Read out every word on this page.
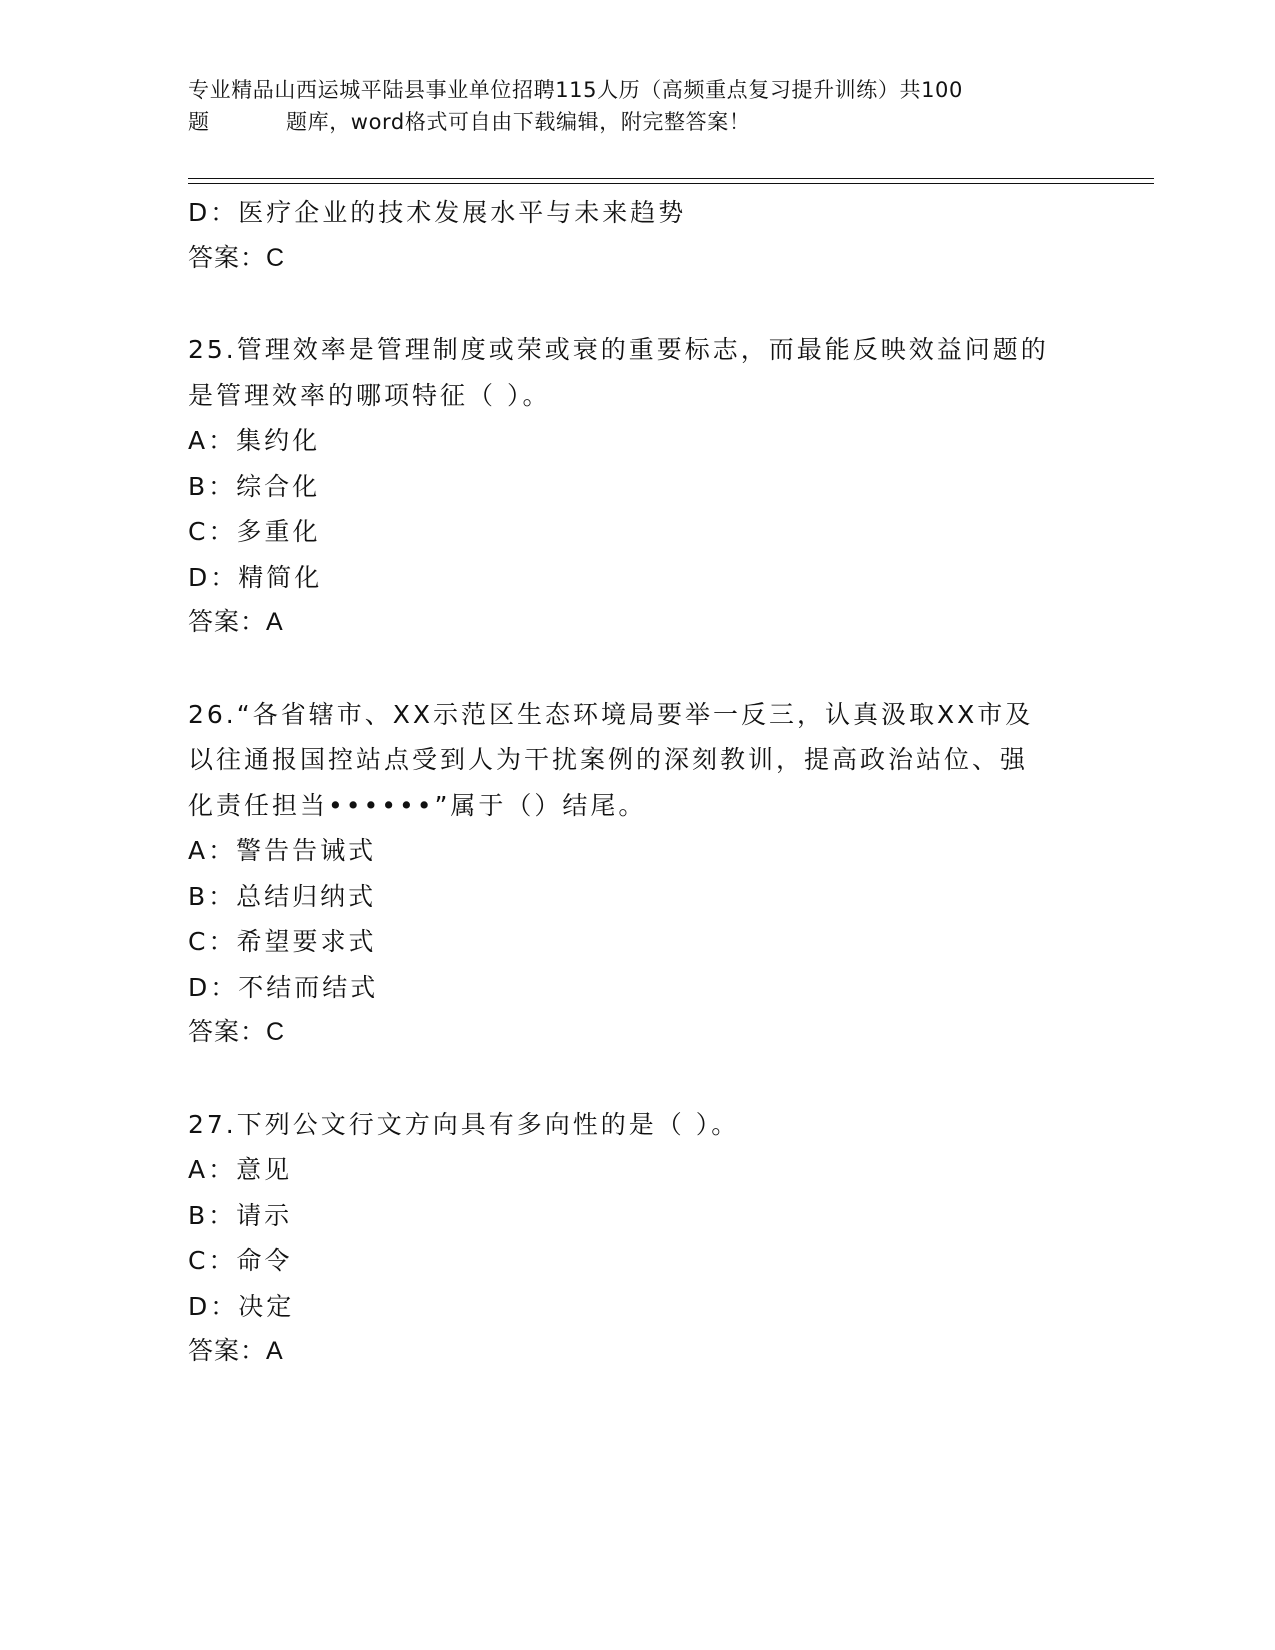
专业精品山西运城平陆县事业单位招聘115人历（高频重点复习提升训练）共100
题	题库，word格式可自由下载编辑，附完整答案！
D：医疗企业的技术发展水平与未来趋势
答案：C
25.管理效率是管理制度或荣或衰的重要标志，而最能反映效益问题的
是管理效率的哪项特征（ ）。
A：集约化
B：综合化
C：多重化
D：精简化
答案：A
26.“各省辖市、XX示范区生态环境局要举一反三，认真汲取XX市及
以往通报国控站点受到人为干扰案例的深刻教训，提高政治站位、强
化责任担当••••••”属于（）结尾。
A：警告告诫式
B：总结归纳式
C：希望要求式
D：不结而结式
答案：C
27.下列公文行文方向具有多向性的是（ ）。
A：意见
B：请示
C：命令
D：决定
答案：A
